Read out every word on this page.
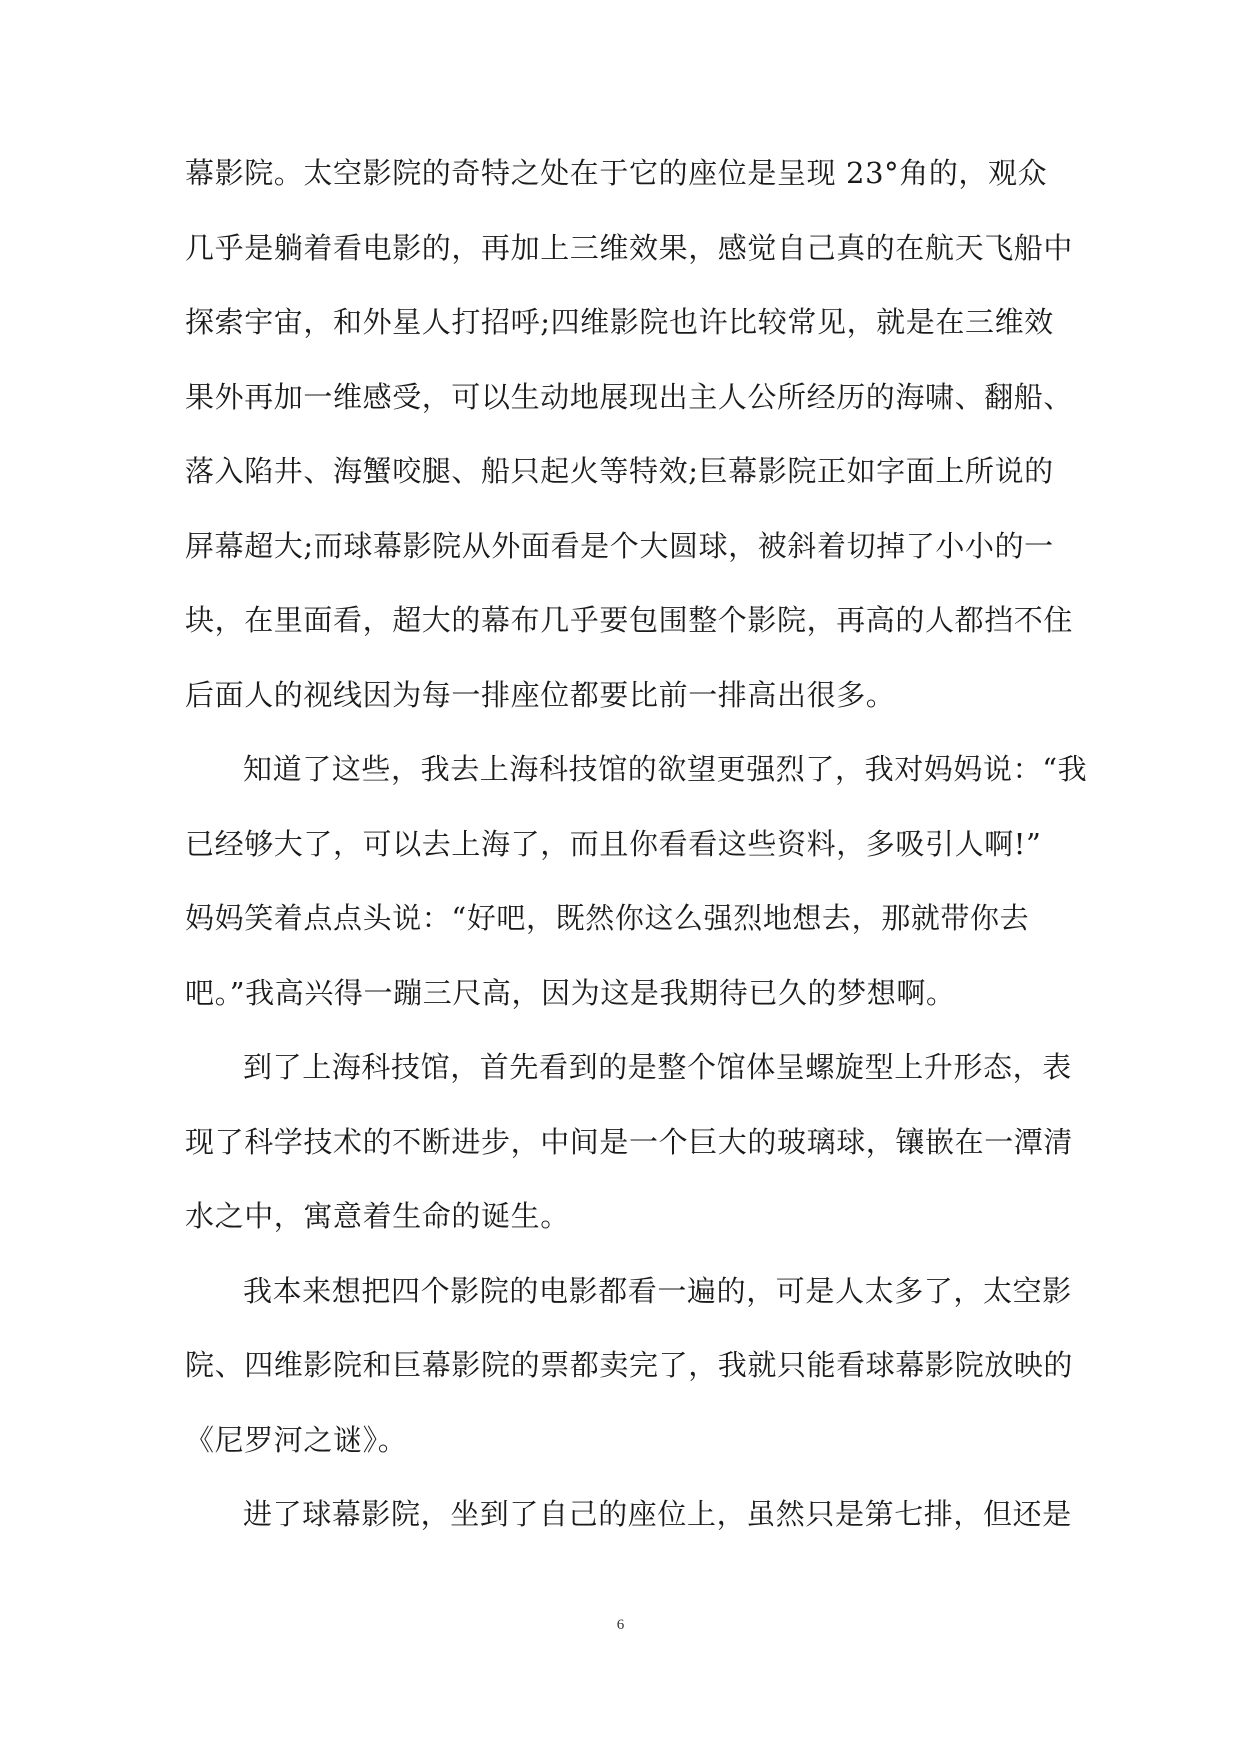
幕影院。太空影院的奇特之处在于它的座位是呈现 23°角的，观众
几乎是躺着看电影的，再加上三维效果，感觉自己真的在航天飞船中
探索宇宙，和外星人打招呼;四维影院也许比较常见，就是在三维效
果外再加一维感受，可以生动地展现出主人公所经历的海啸、翻船、
落入陷井、海蟹咬腿、船只起火等特效;巨幕影院正如字面上所说的
屏幕超大;而球幕影院从外面看是个大圆球，被斜着切掉了小小的一
块，在里面看，超大的幕布几乎要包围整个影院，再高的人都挡不住
后面人的视线因为每一排座位都要比前一排高出很多。
知道了这些，我去上海科技馆的欲望更强烈了，我对妈妈说：“我
已经够大了，可以去上海了，而且你看看这些资料，多吸引人啊!”
妈妈笑着点点头说：“好吧，既然你这么强烈地想去，那就带你去
吧。”我高兴得一蹦三尺高，因为这是我期待已久的梦想啊。
到了上海科技馆，首先看到的是整个馆体呈螺旋型上升形态，表
现了科学技术的不断进步，中间是一个巨大的玻璃球，镶嵌在一潭清
水之中，寓意着生命的诞生。
我本来想把四个影院的电影都看一遍的，可是人太多了，太空影
院、四维影院和巨幕影院的票都卖完了，我就只能看球幕影院放映的
《尼罗河之谜》。
进了球幕影院，坐到了自己的座位上，虽然只是第七排，但还是
6
